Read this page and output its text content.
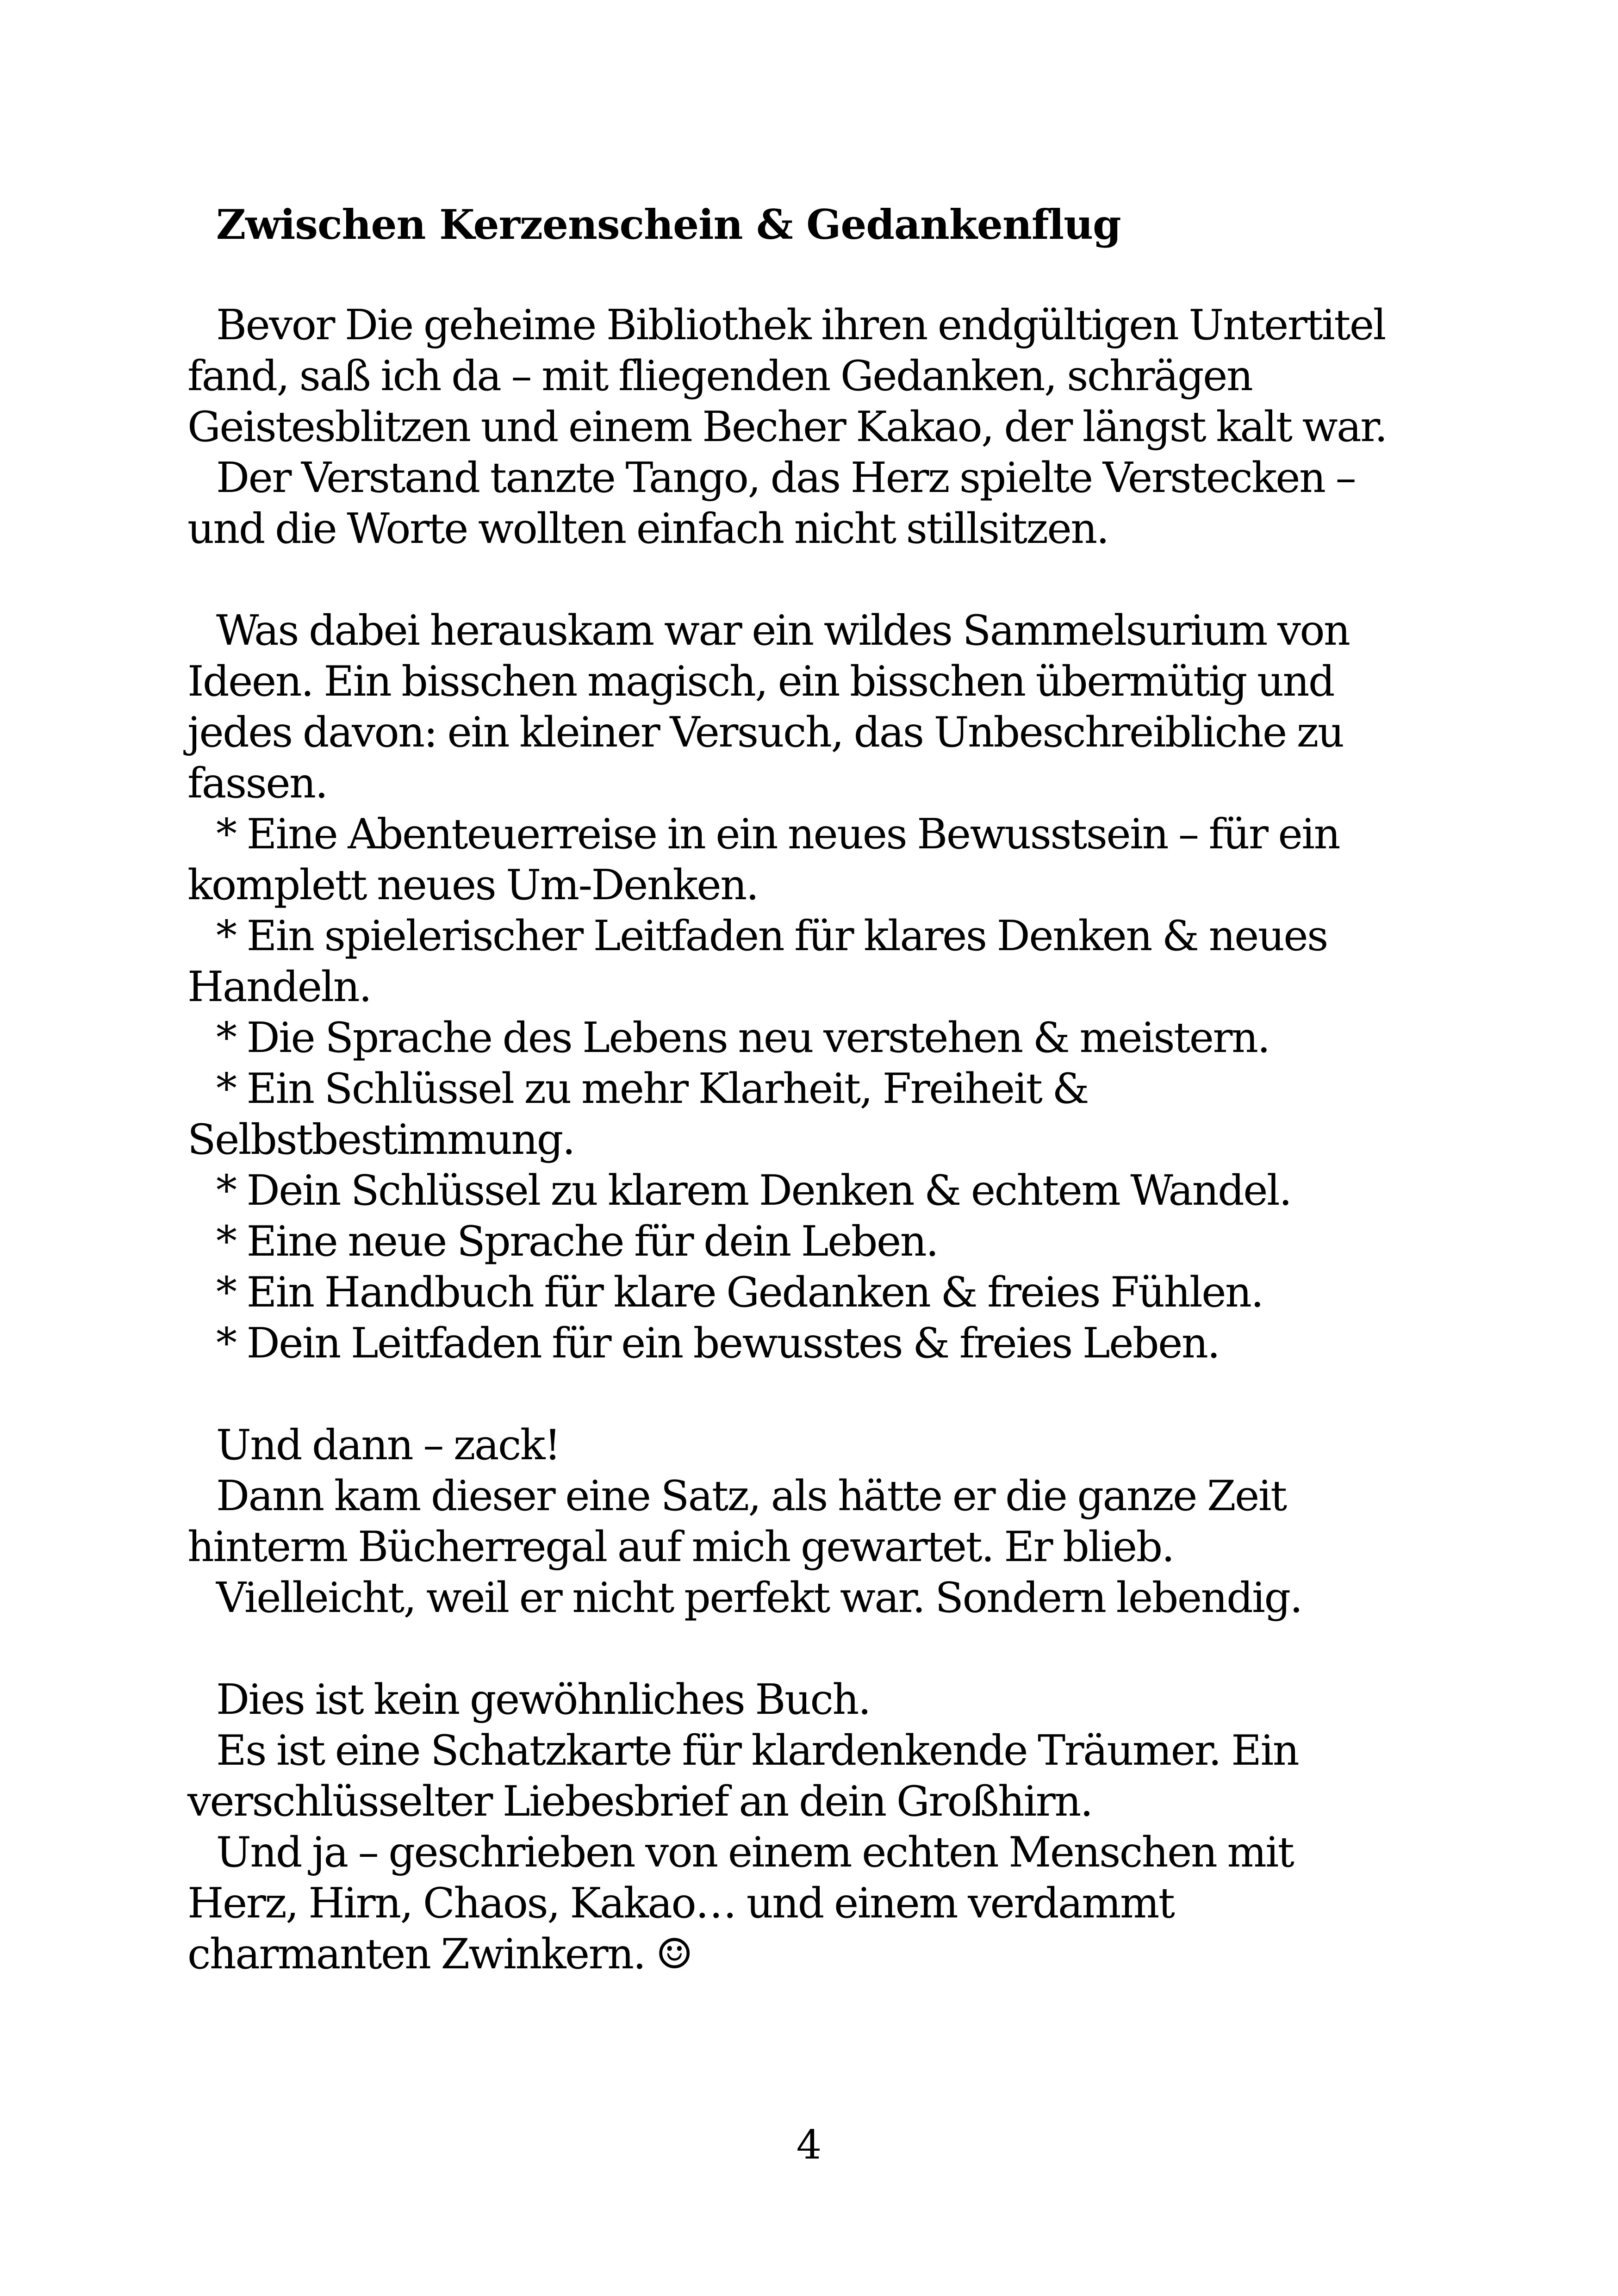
Zwischen Kerzenschein & Gedankenflug

Bevor Die geheime Bibliothek ihren endgültigen Untertitel
fand, saß ich da – mit fliegenden Gedanken, schrägen
Geistesblitzen und einem Becher Kakao, der längst kalt war.
Der Verstand tanzte Tango, das Herz spielte Verstecken –
und die Worte wollten einfach nicht stillsitzen.

Was dabei herauskam war ein wildes Sammelsurium von
Ideen. Ein bisschen magisch, ein bisschen übermütig und
jedes davon: ein kleiner Versuch, das Unbeschreibliche zu
fassen.
* Eine Abenteuerreise in ein neues Bewusstsein – für ein
komplett neues Um-Denken.
* Ein spielerischer Leitfaden für klares Denken & neues
Handeln.
* Die Sprache des Lebens neu verstehen & meistern.
* Ein Schlüssel zu mehr Klarheit, Freiheit &
Selbstbestimmung.
* Dein Schlüssel zu klarem Denken & echtem Wandel.
* Eine neue Sprache für dein Leben.
* Ein Handbuch für klare Gedanken & freies Fühlen.
* Dein Leitfaden für ein bewusstes & freies Leben.

Und dann – zack!
Dann kam dieser eine Satz, als hätte er die ganze Zeit
hinterm Bücherregal auf mich gewartet. Er blieb.
Vielleicht, weil er nicht perfekt war. Sondern lebendig.

Dies ist kein gewöhnliches Buch.
Es ist eine Schatzkarte für klardenkende Träumer. Ein
verschlüsselter Liebesbrief an dein Großhirn.
Und ja – geschrieben von einem echten Menschen mit
Herz, Hirn, Chaos, Kakao… und einem verdammt
charmanten Zwinkern. ☺

4
